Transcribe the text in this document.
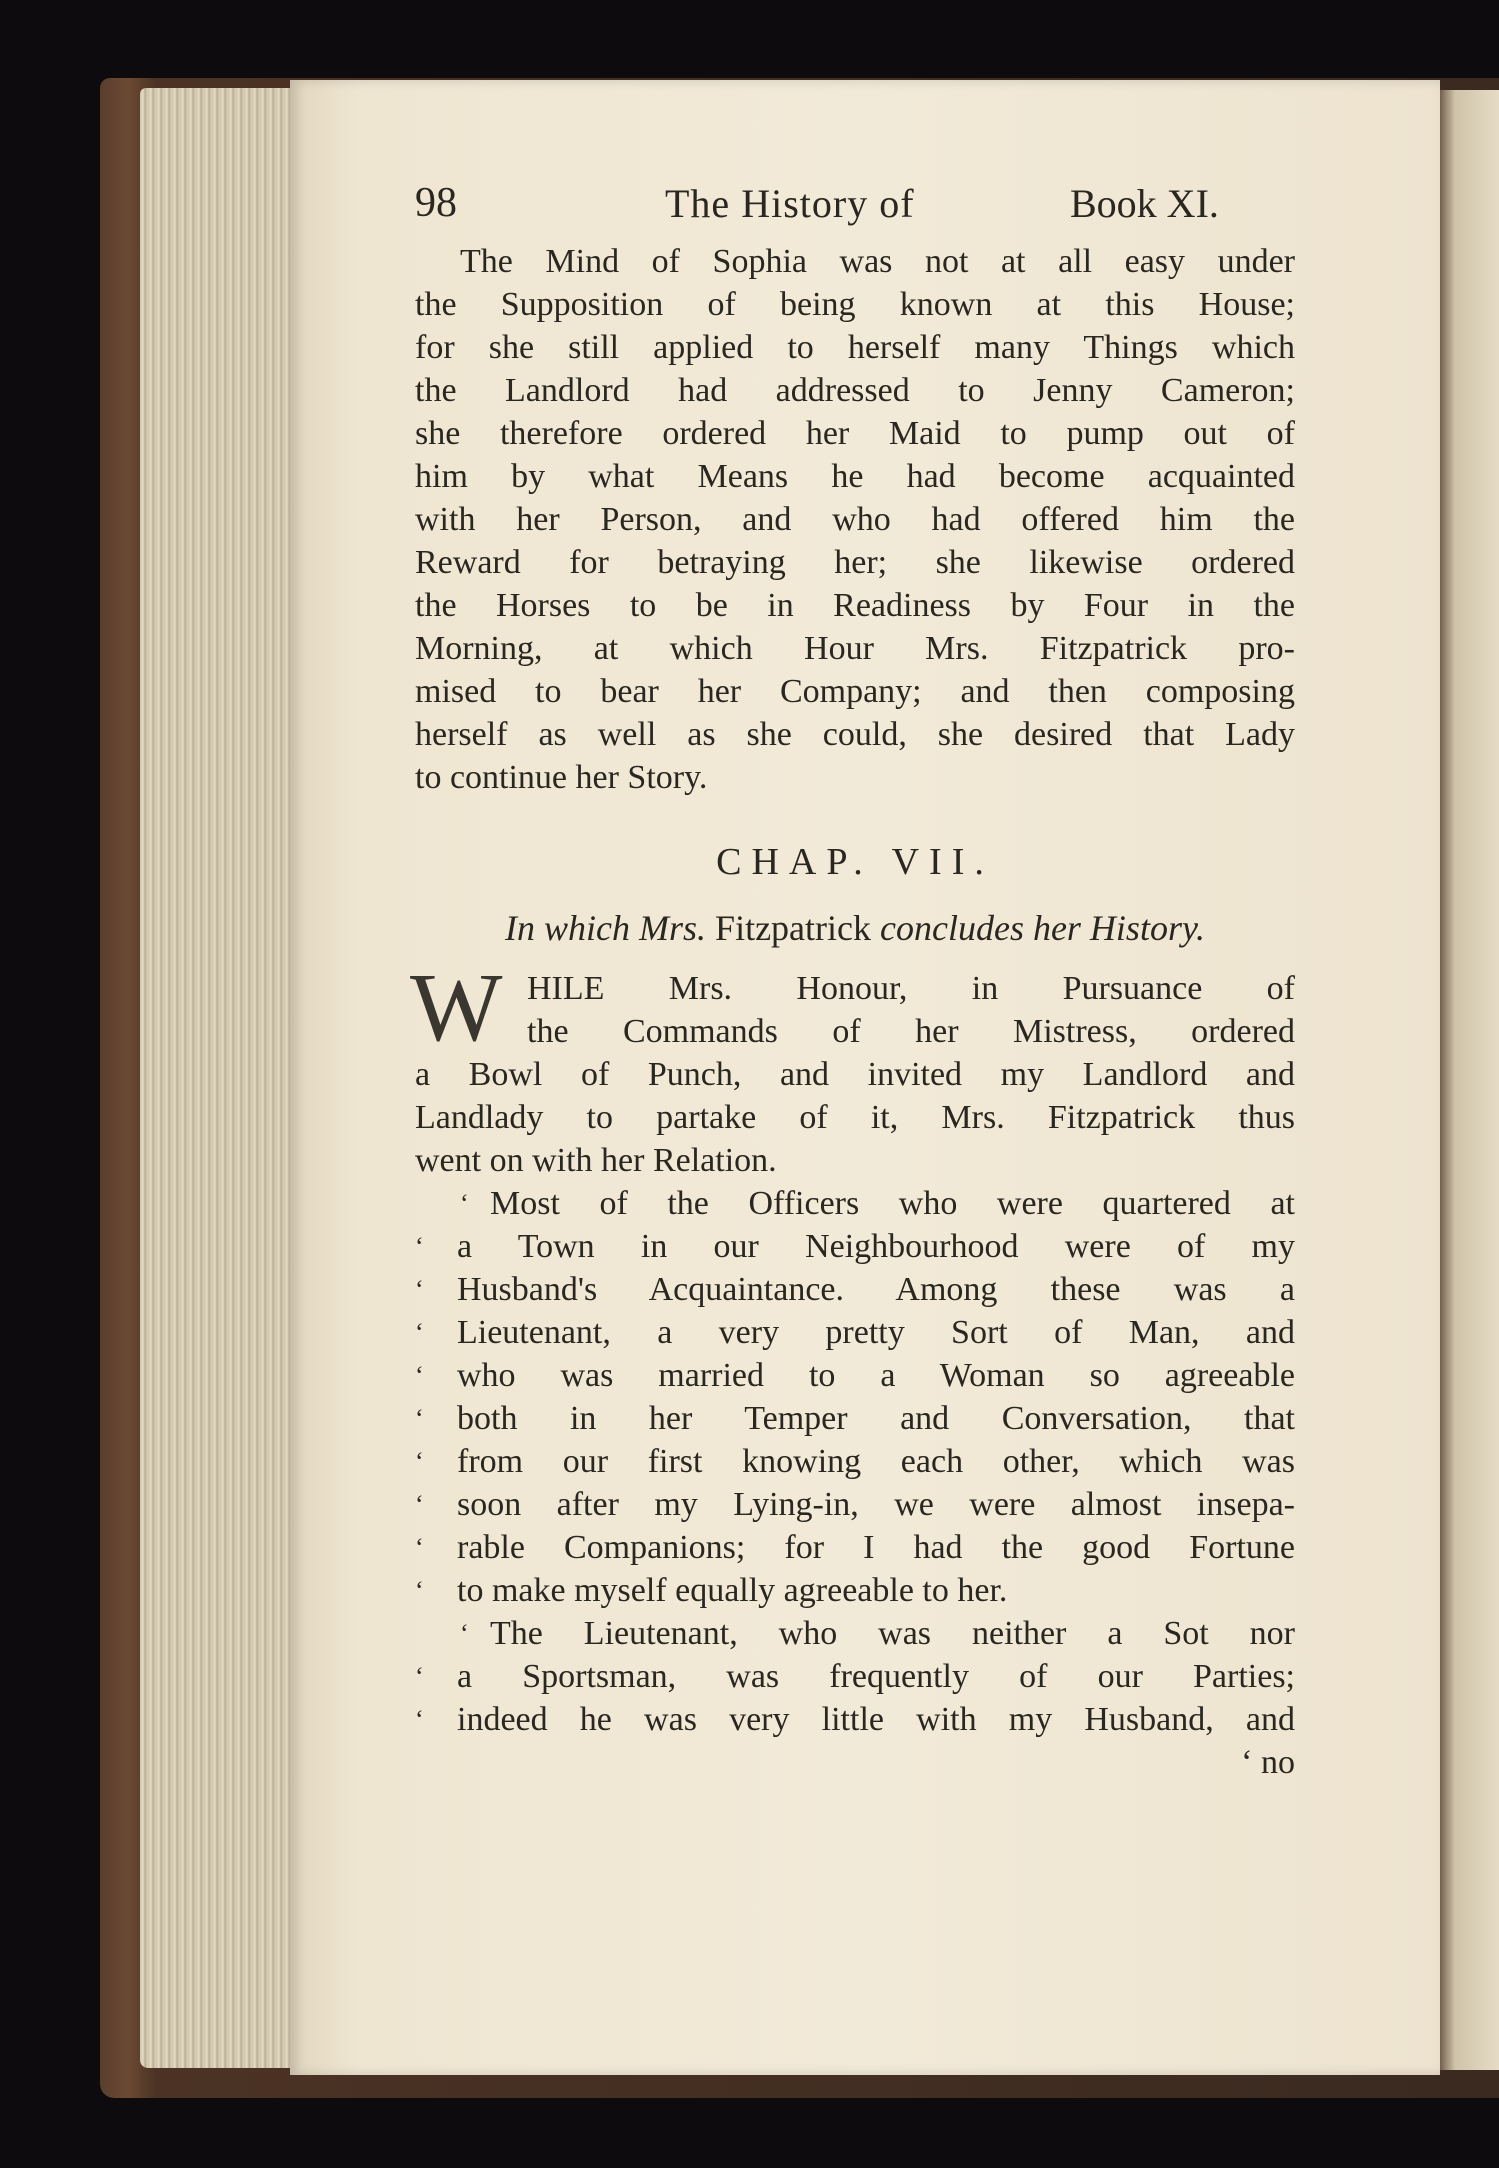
98	The History of	Book XI.
The Mind of Sophia was not at all easy under
the Supposition of being known at this House;
for she still applied to herself many Things which
the Landlord had addressed to Jenny Cameron;
she therefore ordered her Maid to pump out of
him by what Means he had become acquainted
with her Person, and who had offered him the
Reward for betraying her; she likewise ordered
the Horses to be in Readiness by Four in the
Morning, at which Hour Mrs. Fitzpatrick pro-
mised to bear her Company; and then composing
herself as well as she could, she desired that Lady
to continue her Story.
CHAP. VII.
In which Mrs. Fitzpatrick concludes her History.
W HILE Mrs. Honour, in Pursuance of
the Commands of her Mistress, ordered
a Bowl of Punch, and invited my Landlord and
Landlady to partake of it, Mrs. Fitzpatrick thus
went on with her Relation.
‘ Most of the Officers who were quartered at
‘ a Town in our Neighbourhood were of my
‘ Husband's Acquaintance. Among these was a
‘ Lieutenant, a very pretty Sort of Man, and
‘ who was married to a Woman so agreeable
‘ both in her Temper and Conversation, that
‘ from our first knowing each other, which was
‘ soon after my Lying-in, we were almost insepa-
‘ rable Companions; for I had the good Fortune
‘ to make myself equally agreeable to her.
‘ The Lieutenant, who was neither a Sot nor
‘ a Sportsman, was frequently of our Parties;
‘ indeed he was very little with my Husband, and
‘ no
